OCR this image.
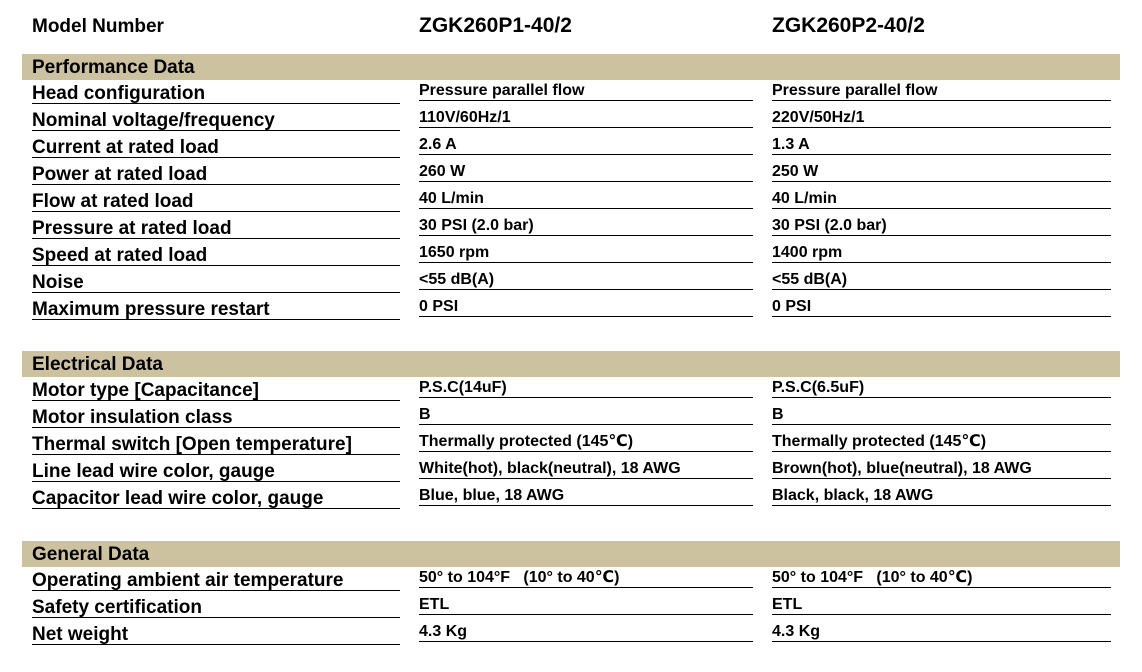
Model Number	ZGK260P1-40/2	ZGK260P2-40/2
Performance Data
Head configuration	Pressure parallel flow	Pressure parallel flow
Nominal voltage/frequency	110V/60Hz/1	220V/50Hz/1
Current at rated load	2.6 A	1.3 A
Power at rated load	260 W	250 W
Flow at rated load	40 L/min	40 L/min
Pressure at rated load	30 PSI (2.0 bar)	30 PSI (2.0 bar)
Speed at rated load	1650 rpm	1400 rpm
Noise	<55 dB(A)	<55 dB(A)
Maximum pressure restart	0 PSI	0 PSI
Electrical Data
Motor type [Capacitance]	P.S.C(14uF)	P.S.C(6.5uF)
Motor insulation class	B	B
Thermal switch [Open temperature]	Thermally protected (145℃)	Thermally protected (145℃)
Line lead wire color, gauge	White(hot), black(neutral), 18 AWG	Brown(hot), blue(neutral), 18 AWG
Capacitor lead wire color, gauge	Blue, blue, 18 AWG	Black, black, 18 AWG
General Data
Operating ambient air temperature	50° to 104°F   (10° to 40℃)	50° to 104°F   (10° to 40℃)
Safety certification	ETL	ETL
Net weight	4.3 Kg	4.3 Kg
